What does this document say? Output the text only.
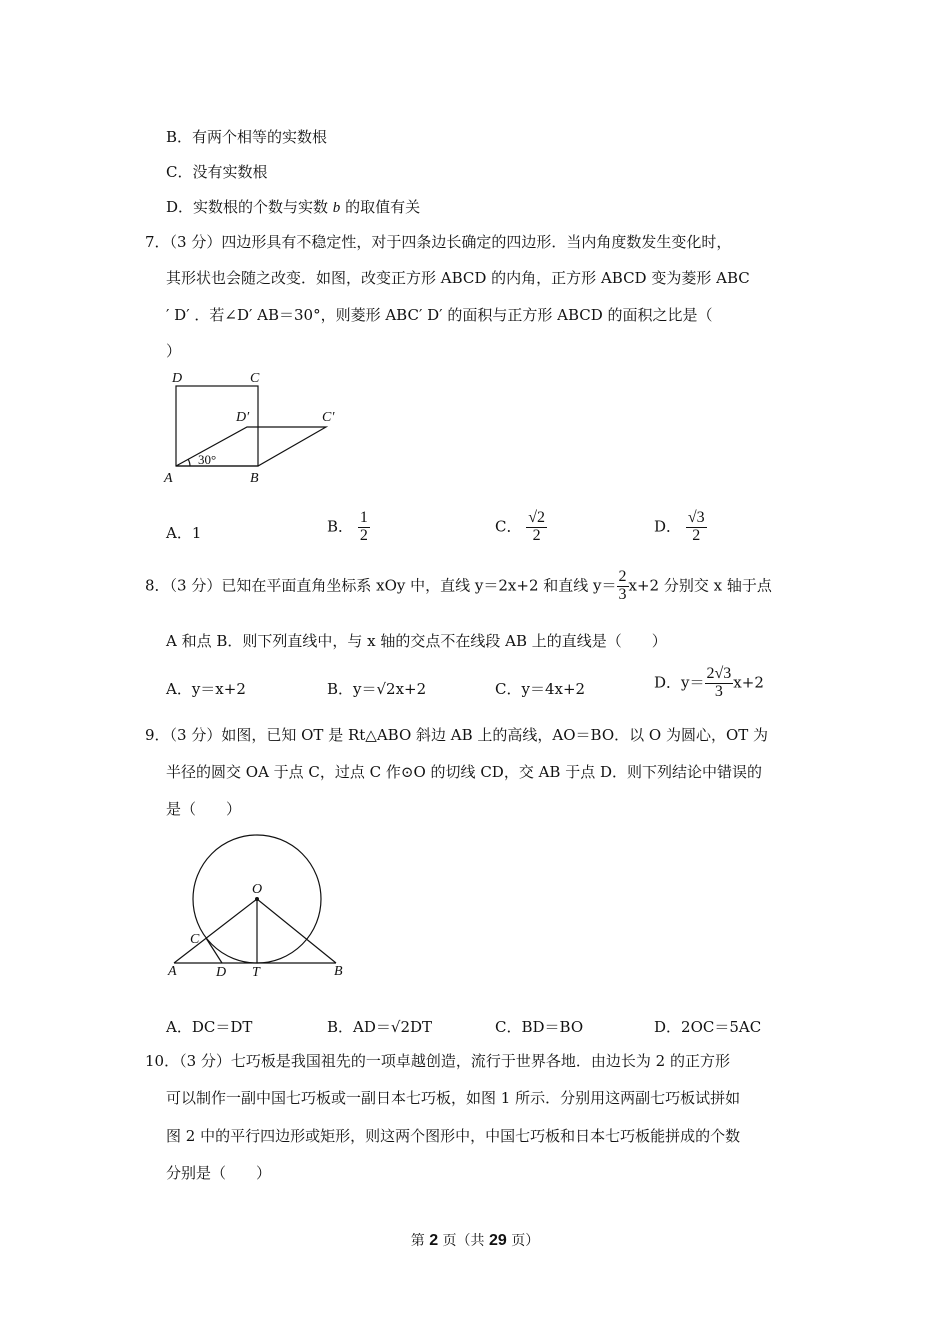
B．有两个相等的实数根
C．没有实数根
D．实数根的个数与实数 b 的取值有关
7．（3 分）四边形具有不稳定性，对于四条边长确定的四边形．当内角度数发生变化时，
其形状也会随之改变．如图，改变正方形 ABCD 的内角，正方形 ABCD 变为菱形 ABC
′ D′ ．若∠D′ AB＝30°，则菱形 ABC′ D′ 的面积与正方形 ABCD 的面积之比是（
）
D	C
D′	C′
A	B
30°
A．1	B． $\frac{1}{2}$	C． $\frac{√2}{2}$	D． $\frac{√3}{2}$
8．（3 分）已知在平面直角坐标系 xOy 中，直线 y＝2x+2 和直线 $y= \frac{2}{3} x+2$ 分别交 x 轴于点
A 和点 B．则下列直线中，与 x 轴的交点不在线段 AB 上的直线是（　　）
A．y＝x+2	B．y＝√2x+2	C．y＝4x+2	D．$y= \frac{2√3}{3} x+2$
9．（3 分）如图，已知 OT 是 Rt△ABO 斜边 AB 上的高线，AO＝BO．以 O 为圆心，OT 为
半径的圆交 OA 于点 C，过点 C 作⊙O 的切线 CD，交 AB 于点 D．则下列结论中错误的
是（　　）
O
C
A	D T	B
A．DC＝DT	B．AD＝√2DT	C．BD＝BO	D．2OC＝5AC
10．（3 分）七巧板是我国祖先的一项卓越创造，流行于世界各地．由边长为 2 的正方形
可以制作一副中国七巧板或一副日本七巧板，如图 1 所示．分别用这两副七巧板试拼如
图 2 中的平行四边形或矩形，则这两个图形中，中国七巧板和日本七巧板能拼成的个数
分别是（　　）
第 2 页（共 29 页）
